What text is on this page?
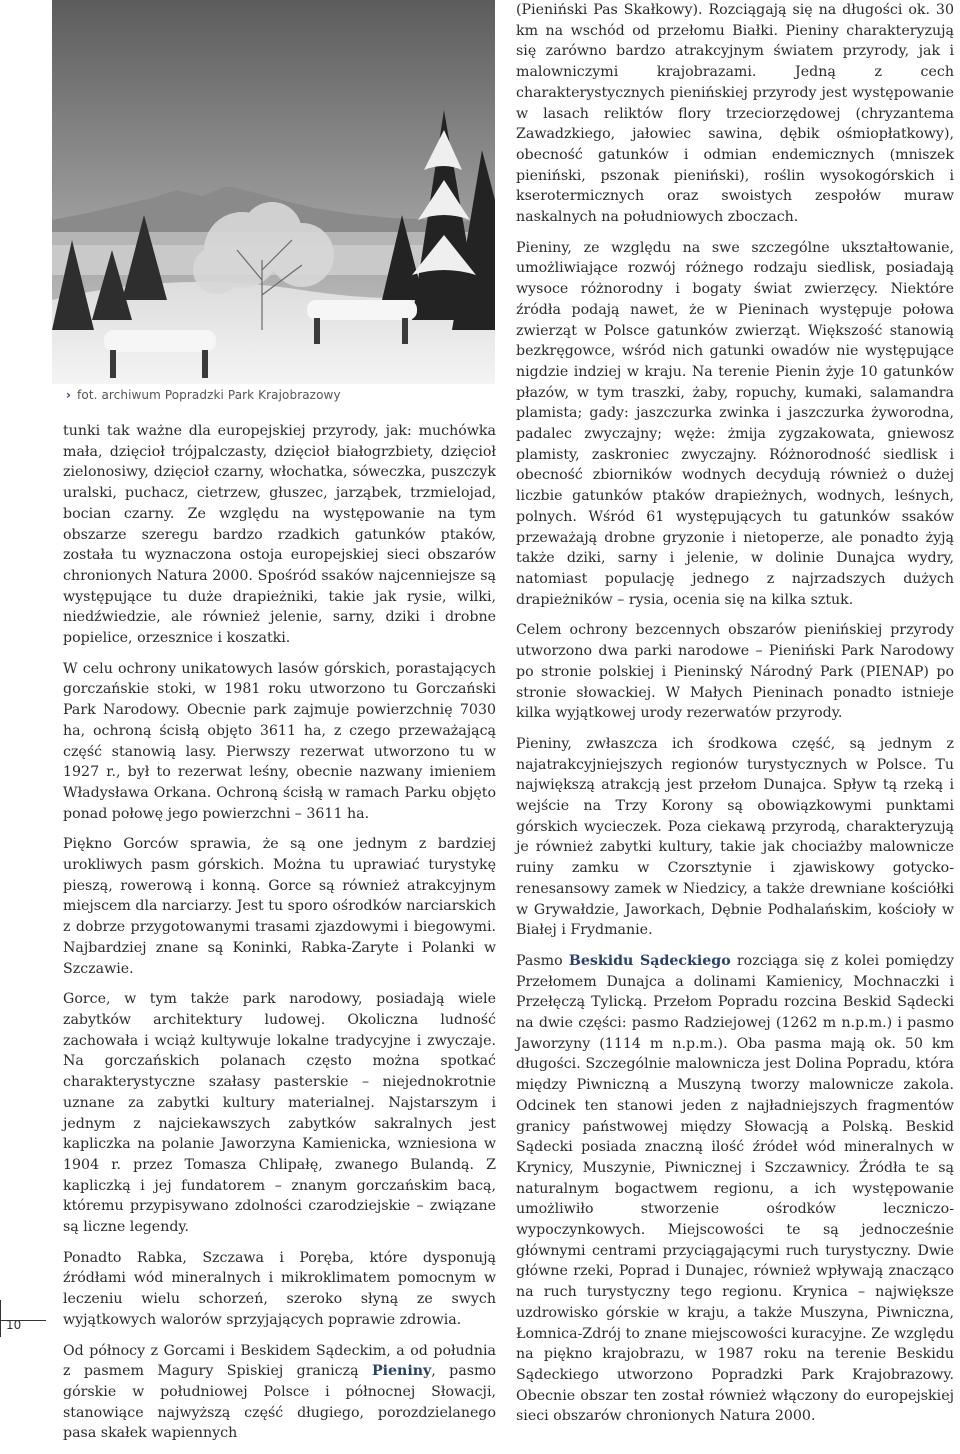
› fot. archiwum Popradzki Park Krajobrazowy

tunki tak ważne dla europejskiej przyrody, jak: muchówka mała, dzięcioł trójpalczasty, dzięcioł białogrzbiety, dzięcioł zielonosiwy, dzięcioł czarny, włochatka, sóweczka, puszczyk uralski, puchacz, cietrzew, głuszec, jarząbek, trzmielojad, bocian czarny. Ze względu na występowanie na tym obszarze szeregu bardzo rzadkich gatunków ptaków, została tu wyznaczona ostoja europejskiej sieci obszarów chronionych Natura 2000. Spośród ssaków najcenniejsze są występujące tu duże drapieżniki, takie jak rysie, wilki, niedźwiedzie, ale również jelenie, sarny, dziki i drobne popielice, orzesznice i koszatki.

W celu ochrony unikatowych lasów górskich, porastających gorczańskie stoki, w 1981 roku utworzono tu Gorczański Park Narodowy. Obecnie park zajmuje powierzchnię 7030 ha, ochroną ścisłą objęto 3611 ha, z czego przeważającą część stanowią lasy. Pierwszy rezerwat utworzono tu w 1927 r., był to rezerwat leśny, obecnie nazwany imieniem Władysława Orkana. Ochroną ścisłą w ramach Parku objęto ponad połowę jego powierzchni – 3611 ha.

Piękno Gorców sprawia, że są one jednym z bardziej urokliwych pasm górskich. Można tu uprawiać turystykę pieszą, rowerową i konną. Gorce są również atrakcyjnym miejscem dla narciarzy. Jest tu sporo ośrodków narciarskich z dobrze przygotowanymi trasami zjazdowymi i biegowymi. Najbardziej znane są Koninki, Rabka-Zaryte i Polanki w Szczawie.

Gorce, w tym także park narodowy, posiadają wiele zabytków architektury ludowej. Okoliczna ludność zachowała i wciąż kultywuje lokalne tradycyjne i zwyczaje. Na gorczańskich polanach często można spotkać charakterystyczne szałasy pasterskie – niejednokrotnie uznane za zabytki kultury materialnej. Najstarszym i jednym z najciekawszych zabytków sakralnych jest kapliczka na polanie Jaworzyna Kamienicka, wzniesiona w 1904 r. przez Tomasza Chlipałę, zwanego Bulandą. Z kapliczką i jej fundatorem – znanym gorczańskim bacą, któremu przypisywano zdolności czarodziejskie – związane są liczne legendy.

Ponadto Rabka, Szczawa i Poręba, które dysponują źródłami wód mineralnych i mikroklimatem pomocnym w leczeniu wielu schorzeń, szeroko słyną ze swych wyjątkowych walorów sprzyjających poprawie zdrowia.

Od północy z Gorcami i Beskidem Sądeckim, a od południa z pasmem Magury Spiskiej graniczą Pieniny, pasmo górskie w południowej Polsce i północnej Słowacji, stanowiące najwyższą część długiego, porozdzielanego pasa skałek wapiennych

(Pieniński Pas Skałkowy). Rozciągają się na długości ok. 30 km na wschód od przełomu Białki. Pieniny charakteryzują się zarówno bardzo atrakcyjnym światem przyrody, jak i malowniczymi krajobrazami. Jedną z cech charakterystycznych pienińskiej przyrody jest występowanie w lasach reliktów flory trzeciorzędowej (chryzantema Zawadzkiego, jałowiec sawina, dębik ośmiopłatkowy), obecność gatunków i odmian endemicznych (mniszek pieniński, pszonak pieniński), roślin wysokogórskich i kserotermicznych oraz swoistych zespołów muraw naskalnych na południowych zboczach.

Pieniny, ze względu na swe szczególne ukształtowanie, umożliwiające rozwój różnego rodzaju siedlisk, posiadają wysoce różnorodny i bogaty świat zwierzęcy. Niektóre źródła podają nawet, że w Pieninach występuje połowa zwierząt w Polsce gatunków zwierząt. Większość stanowią bezkręgowce, wśród nich gatunki owadów nie występujące nigdzie indziej w kraju. Na terenie Pienin żyje 10 gatunków płazów, w tym traszki, żaby, ropuchy, kumaki, salamandra plamista; gady: jaszczurka zwinka i jaszczurka żyworodna, padalec zwyczajny; węże: żmija zygzakowata, gniewosz plamisty, zaskroniec zwyczajny. Różnorodność siedlisk i obecność zbiorników wodnych decydują również o dużej liczbie gatunków ptaków drapieżnych, wodnych, leśnych, polnych. Wśród 61 występujących tu gatunków ssaków przeważają drobne gryzonie i nietoperze, ale ponadto żyją także dziki, sarny i jelenie, w dolinie Dunajca wydry, natomiast populację jednego z najrzadszych dużych drapieżników – rysia, ocenia się na kilka sztuk.

Celem ochrony bezcennych obszarów pienińskiej przyrody utworzono dwa parki narodowe – Pieniński Park Narodowy po stronie polskiej i Pieninský Národný Park (PIENAP) po stronie słowackiej. W Małych Pieninach ponadto istnieje kilka wyjątkowej urody rezerwatów przyrody.

Pieniny, zwłaszcza ich środkowa część, są jednym z najatrakcyjniejszych regionów turystycznych w Polsce. Tu największą atrakcją jest przełom Dunajca. Spływ tą rzeką i wejście na Trzy Korony są obowiązkowymi punktami górskich wycieczek. Poza ciekawą przyrodą, charakteryzują je również zabytki kultury, takie jak chociażby malownicze ruiny zamku w Czorsztynie i zjawiskowy gotycko-renesansowy zamek w Niedzicy, a także drewniane kościółki w Grywałdzie, Jaworkach, Dębnie Podhalańskim, kościoły w Białej i Frydmanie.

Pasmo Beskidu Sądeckiego rozciąga się z kolei pomiędzy Przełomem Dunajca a dolinami Kamienicy, Mochnaczki i Przełęczą Tylicką. Przełom Popradu rozcina Beskid Sądecki na dwie części: pasmo Radziejowej (1262 m n.p.m.) i pasmo Jaworzyny (1114 m n.p.m.). Oba pasma mają ok. 50 km długości. Szczególnie malownicza jest Dolina Popradu, która między Piwniczną a Muszyną tworzy malownicze zakola. Odcinek ten stanowi jeden z najładniejszych fragmentów granicy państwowej między Słowacją a Polską. Beskid Sądecki posiada znaczną ilość źródeł wód mineralnych w Krynicy, Muszynie, Piwnicznej i Szczawnicy. Źródła te są naturalnym bogactwem regionu, a ich występowanie umożliwiło stworzenie ośrodków leczniczo-wypoczynkowych. Miejscowości te są jednocześnie głównymi centrami przyciągającymi ruch turystyczny. Dwie główne rzeki, Poprad i Dunajec, również wpływają znacząco na ruch turystyczny tego regionu. Krynica – największe uzdrowisko górskie w kraju, a także Muszyna, Piwniczna, Łomnica-Zdrój to znane miejscowości kuracyjne. Ze względu na piękno krajobrazu, w 1987 roku na terenie Beskidu Sądeckiego utworzono Popradzki Park Krajobrazowy. Obecnie obszar ten został również włączony do europejskiej sieci obszarów chronionych Natura 2000.

10
